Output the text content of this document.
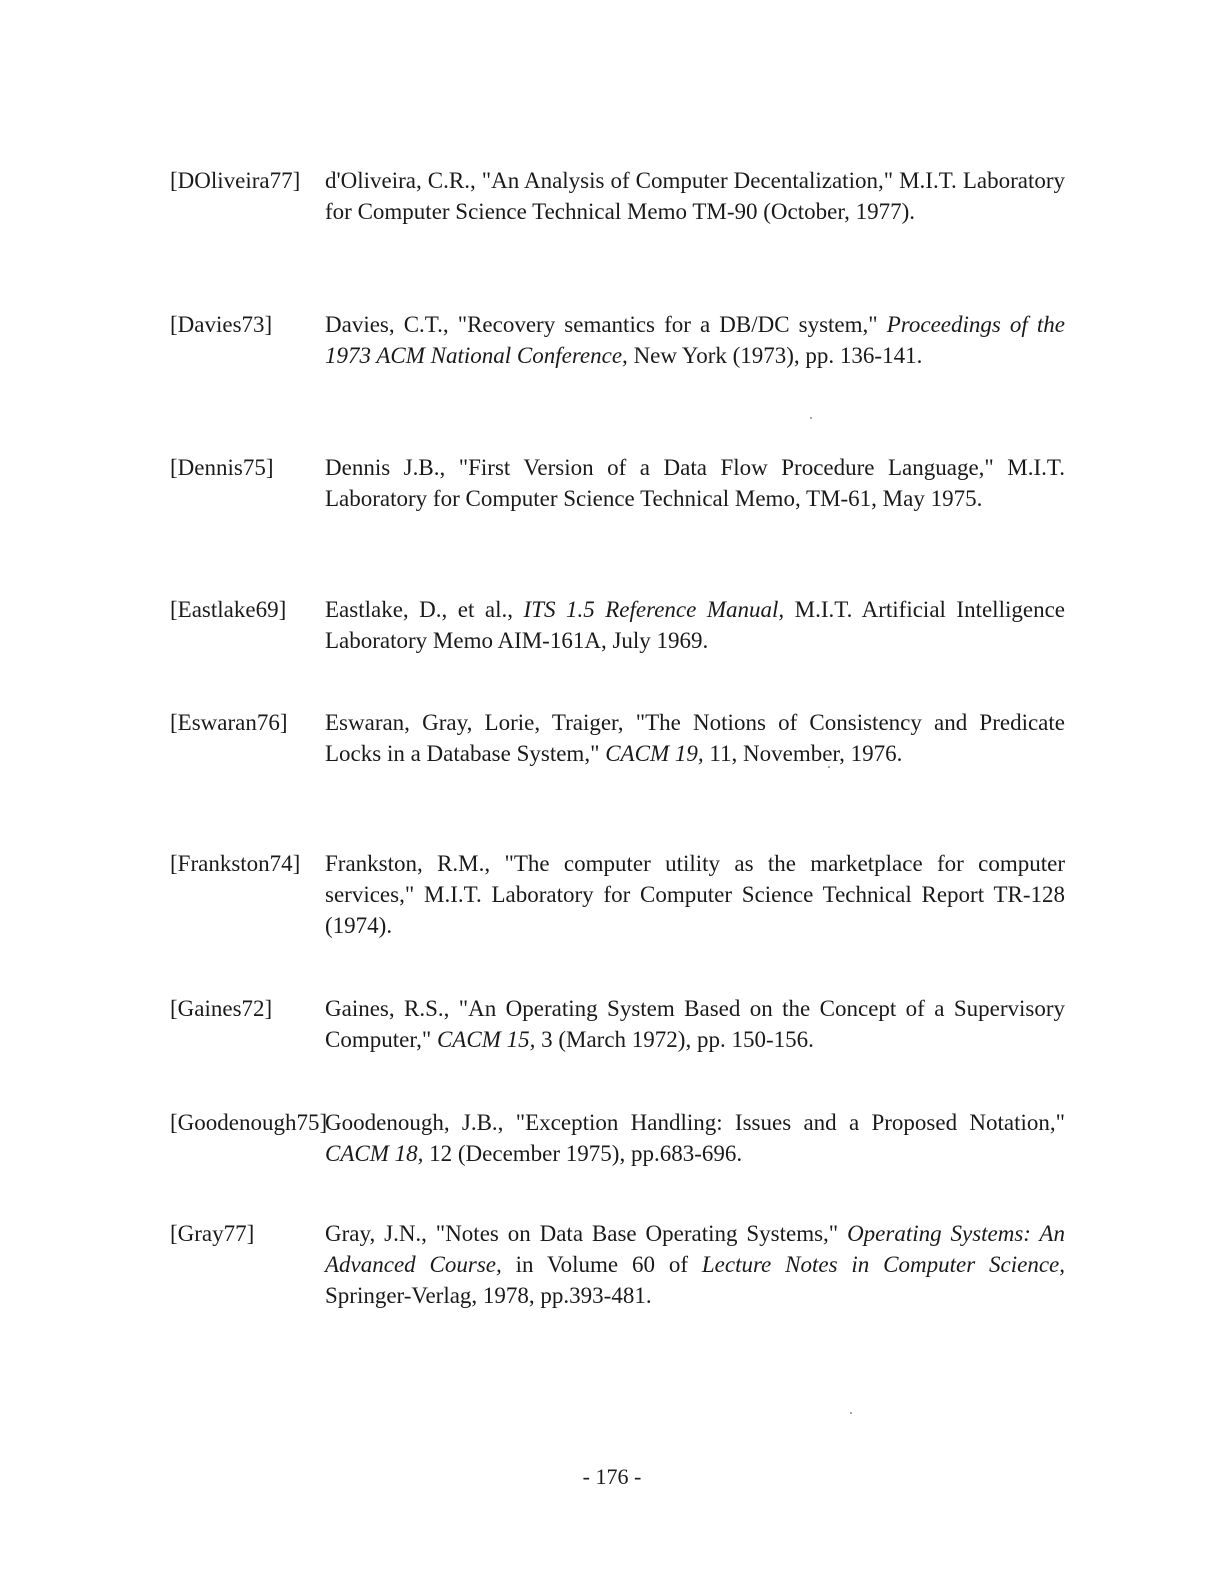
[DOliveira77] d'Oliveira, C.R., "An Analysis of Computer Decentalization," M.I.T. Laboratory for Computer Science Technical Memo TM-90 (October, 1977).
[Davies73] Davies, C.T., "Recovery semantics for a DB/DC system," Proceedings of the 1973 ACM National Conference, New York (1973), pp. 136-141.
[Dennis75] Dennis J.B., "First Version of a Data Flow Procedure Language," M.I.T. Laboratory for Computer Science Technical Memo, TM-61, May 1975.
[Eastlake69] Eastlake, D., et al., ITS 1.5 Reference Manual, M.I.T. Artificial Intelligence Laboratory Memo AIM-161A, July 1969.
[Eswaran76] Eswaran, Gray, Lorie, Traiger, "The Notions of Consistency and Predicate Locks in a Database System," CACM 19, 11, November, 1976.
[Frankston74] Frankston, R.M., "The computer utility as the marketplace for computer services," M.I.T. Laboratory for Computer Science Technical Report TR-128 (1974).
[Gaines72] Gaines, R.S., "An Operating System Based on the Concept of a Supervisory Computer," CACM 15, 3 (March 1972), pp. 150-156.
[Goodenough75]
Goodenough, J.B., "Exception Handling: Issues and a Proposed Notation," CACM 18, 12 (December 1975), pp.683-696.
[Gray77]	Gray, J.N., "Notes on Data Base Operating Systems," Operating Systems: An Advanced Course, in Volume 60 of Lecture Notes in Computer Science, Springer-Verlag, 1978, pp.393-481.
- 176 -
